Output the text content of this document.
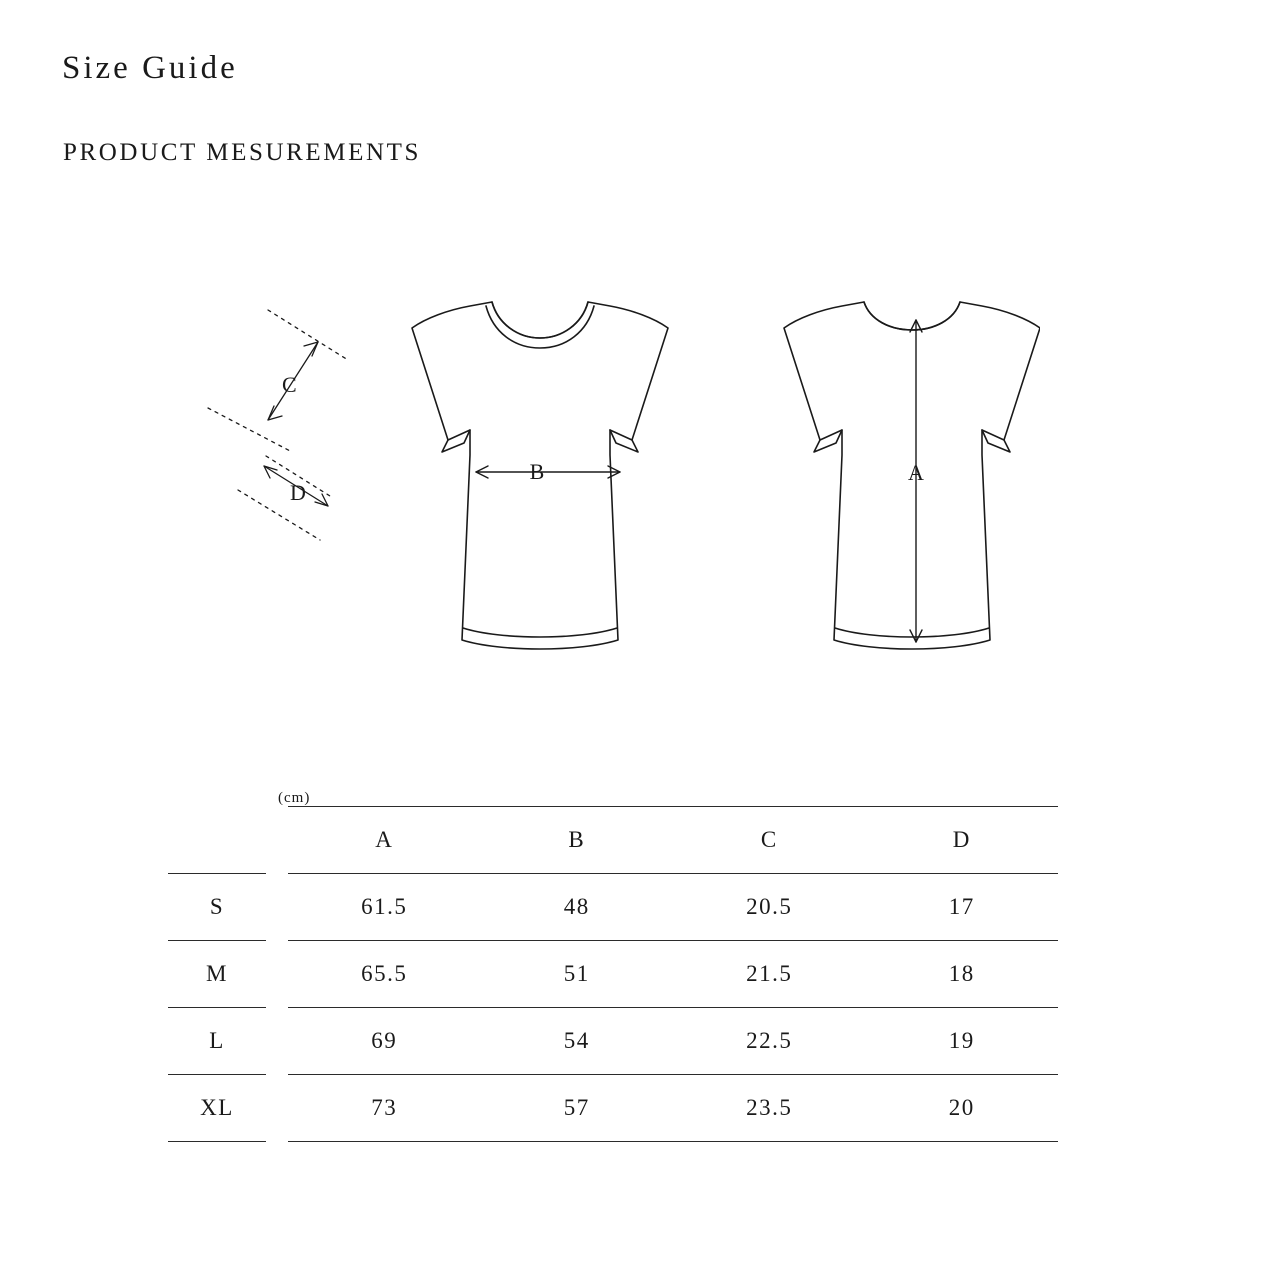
Size Guide
PRODUCT MESUREMENTS
C
D
B	A
(cm)
		A	B	C	D
S		61.5	48	20.5	17
M		65.5	51	21.5	18
L		69	54	22.5	19
XL		73	57	23.5	20
